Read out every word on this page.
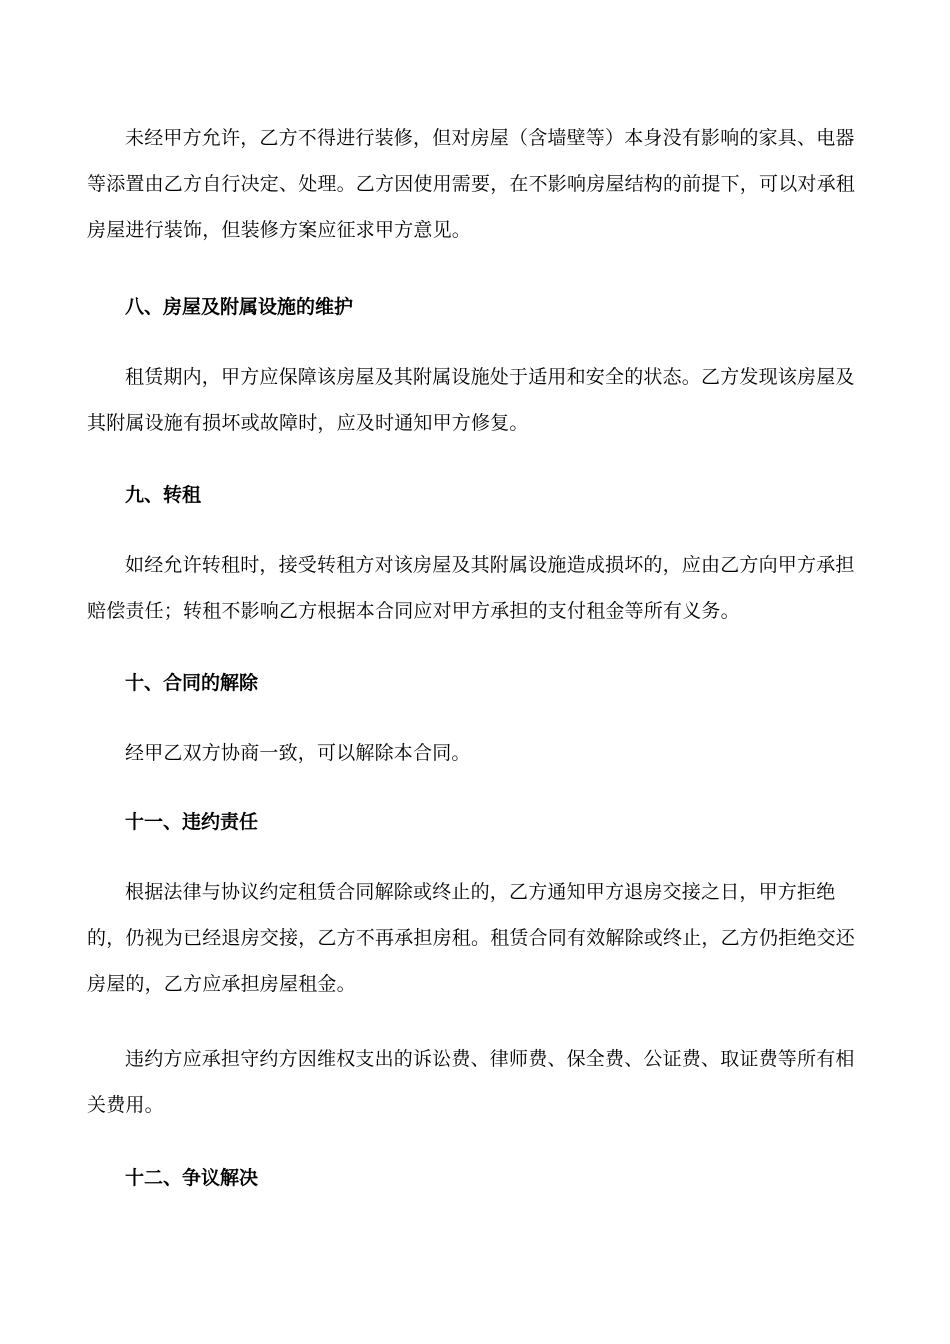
未经甲方允许，乙方不得进行装修，但对房屋（含墙壁等）本身没有影响的家具、电器等添置由乙方自行决定、处理。乙方因使用需要，在不影响房屋结构的前提下，可以对承租房屋进行装饰，但装修方案应征求甲方意见。

八、房屋及附属设施的维护

租赁期内，甲方应保障该房屋及其附属设施处于适用和安全的状态。乙方发现该房屋及其附属设施有损坏或故障时，应及时通知甲方修复。

九、转租

如经允许转租时，接受转租方对该房屋及其附属设施造成损坏的，应由乙方向甲方承担赔偿责任；转租不影响乙方根据本合同应对甲方承担的支付租金等所有义务。

十、合同的解除

经甲乙双方协商一致，可以解除本合同。

十一、违约责任

根据法律与协议约定租赁合同解除或终止的，乙方通知甲方退房交接之日，甲方拒绝的，仍视为已经退房交接，乙方不再承担房租。租赁合同有效解除或终止，乙方仍拒绝交还房屋的，乙方应承担房屋租金。

违约方应承担守约方因维权支出的诉讼费、律师费、保全费、公证费、取证费等所有相关费用。

十二、争议解决
